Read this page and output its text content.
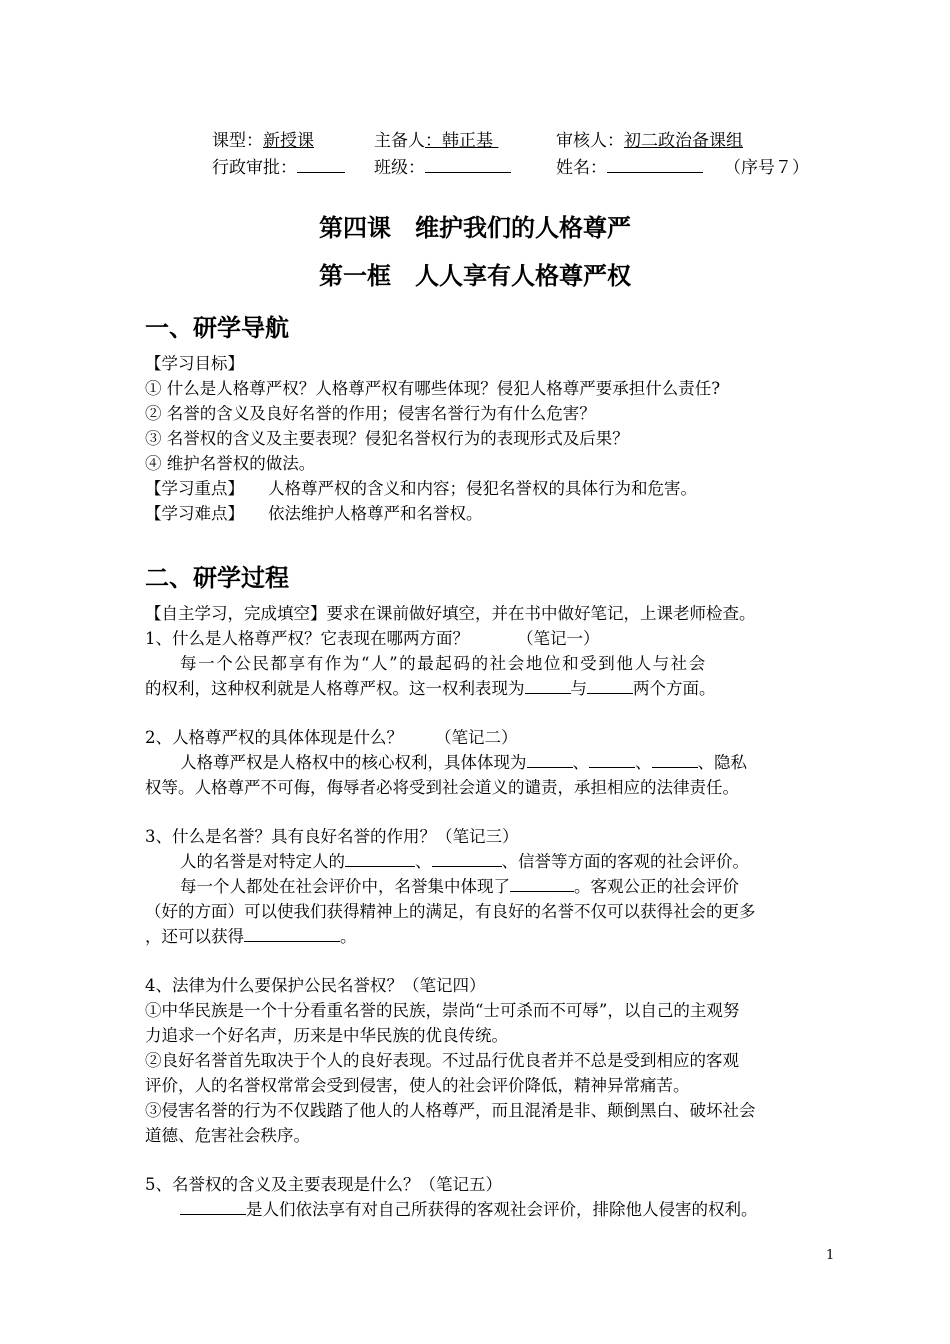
课型：新授课	主备人：韩正基	审核人：初二政治备课组
行政审批：	班级：	姓名：	（序号７）
第四课　维护我们的人格尊严
第一框　人人享有人格尊严权
一、研学导航
【学习目标】
① 什么是人格尊严权？人格尊严权有哪些体现？侵犯人格尊严要承担什么责任?
② 名誉的含义及良好名誉的作用；侵害名誉行为有什么危害？
③ 名誉权的含义及主要表现？侵犯名誉权行为的表现形式及后果？
④ 维护名誉权的做法。
【学习重点】 人格尊严权的含义和内容；侵犯名誉权的具体行为和危害。
【学习难点】 依法维护人格尊严和名誉权。
二、研学过程
【自主学习，完成填空】要求在课前做好填空，并在书中做好笔记，上课老师检查。
1、什么是人格尊严权？它表现在哪两方面？	（笔记一）
每一个公民都享有作为“人”的最起码的社会地位和受到他人与社会
的权利，这种权利就是人格尊严权。这一权利表现为	与	两个方面。
2、人格尊严权的具体体现是什么？ （笔记二）
人格尊严权是人格权中的核心权利，具体体现为	、	、	、隐私
权等。人格尊严不可侮，侮辱者必将受到社会道义的谴责，承担相应的法律责任。
3、什么是名誉？具有良好名誉的作用？（笔记三）
人的名誉是对特定人的	、	、信誉等方面的客观的社会评价。
每一个人都处在社会评价中，名誉集中体现了	。客观公正的社会评价
（好的方面）可以使我们获得精神上的满足，有良好的名誉不仅可以获得社会的更多
，还可以获得	。
4、法律为什么要保护公民名誉权？（笔记四）
①中华民族是一个十分看重名誉的民族，崇尚“士可杀而不可辱”，以自己的主观努
力追求一个好名声，历来是中华民族的优良传统。
②良好名誉首先取决于个人的良好表现。不过品行优良者并不总是受到相应的客观
评价，人的名誉权常常会受到侵害，使人的社会评价降低，精神异常痛苦。
③侵害名誉的行为不仅践踏了他人的人格尊严，而且混淆是非、颠倒黑白、破坏社会
道德、危害社会秩序。
5、名誉权的含义及主要表现是什么？（笔记五）
是人们依法享有对自己所获得的客观社会评价，排除他人侵害的权利。
1
